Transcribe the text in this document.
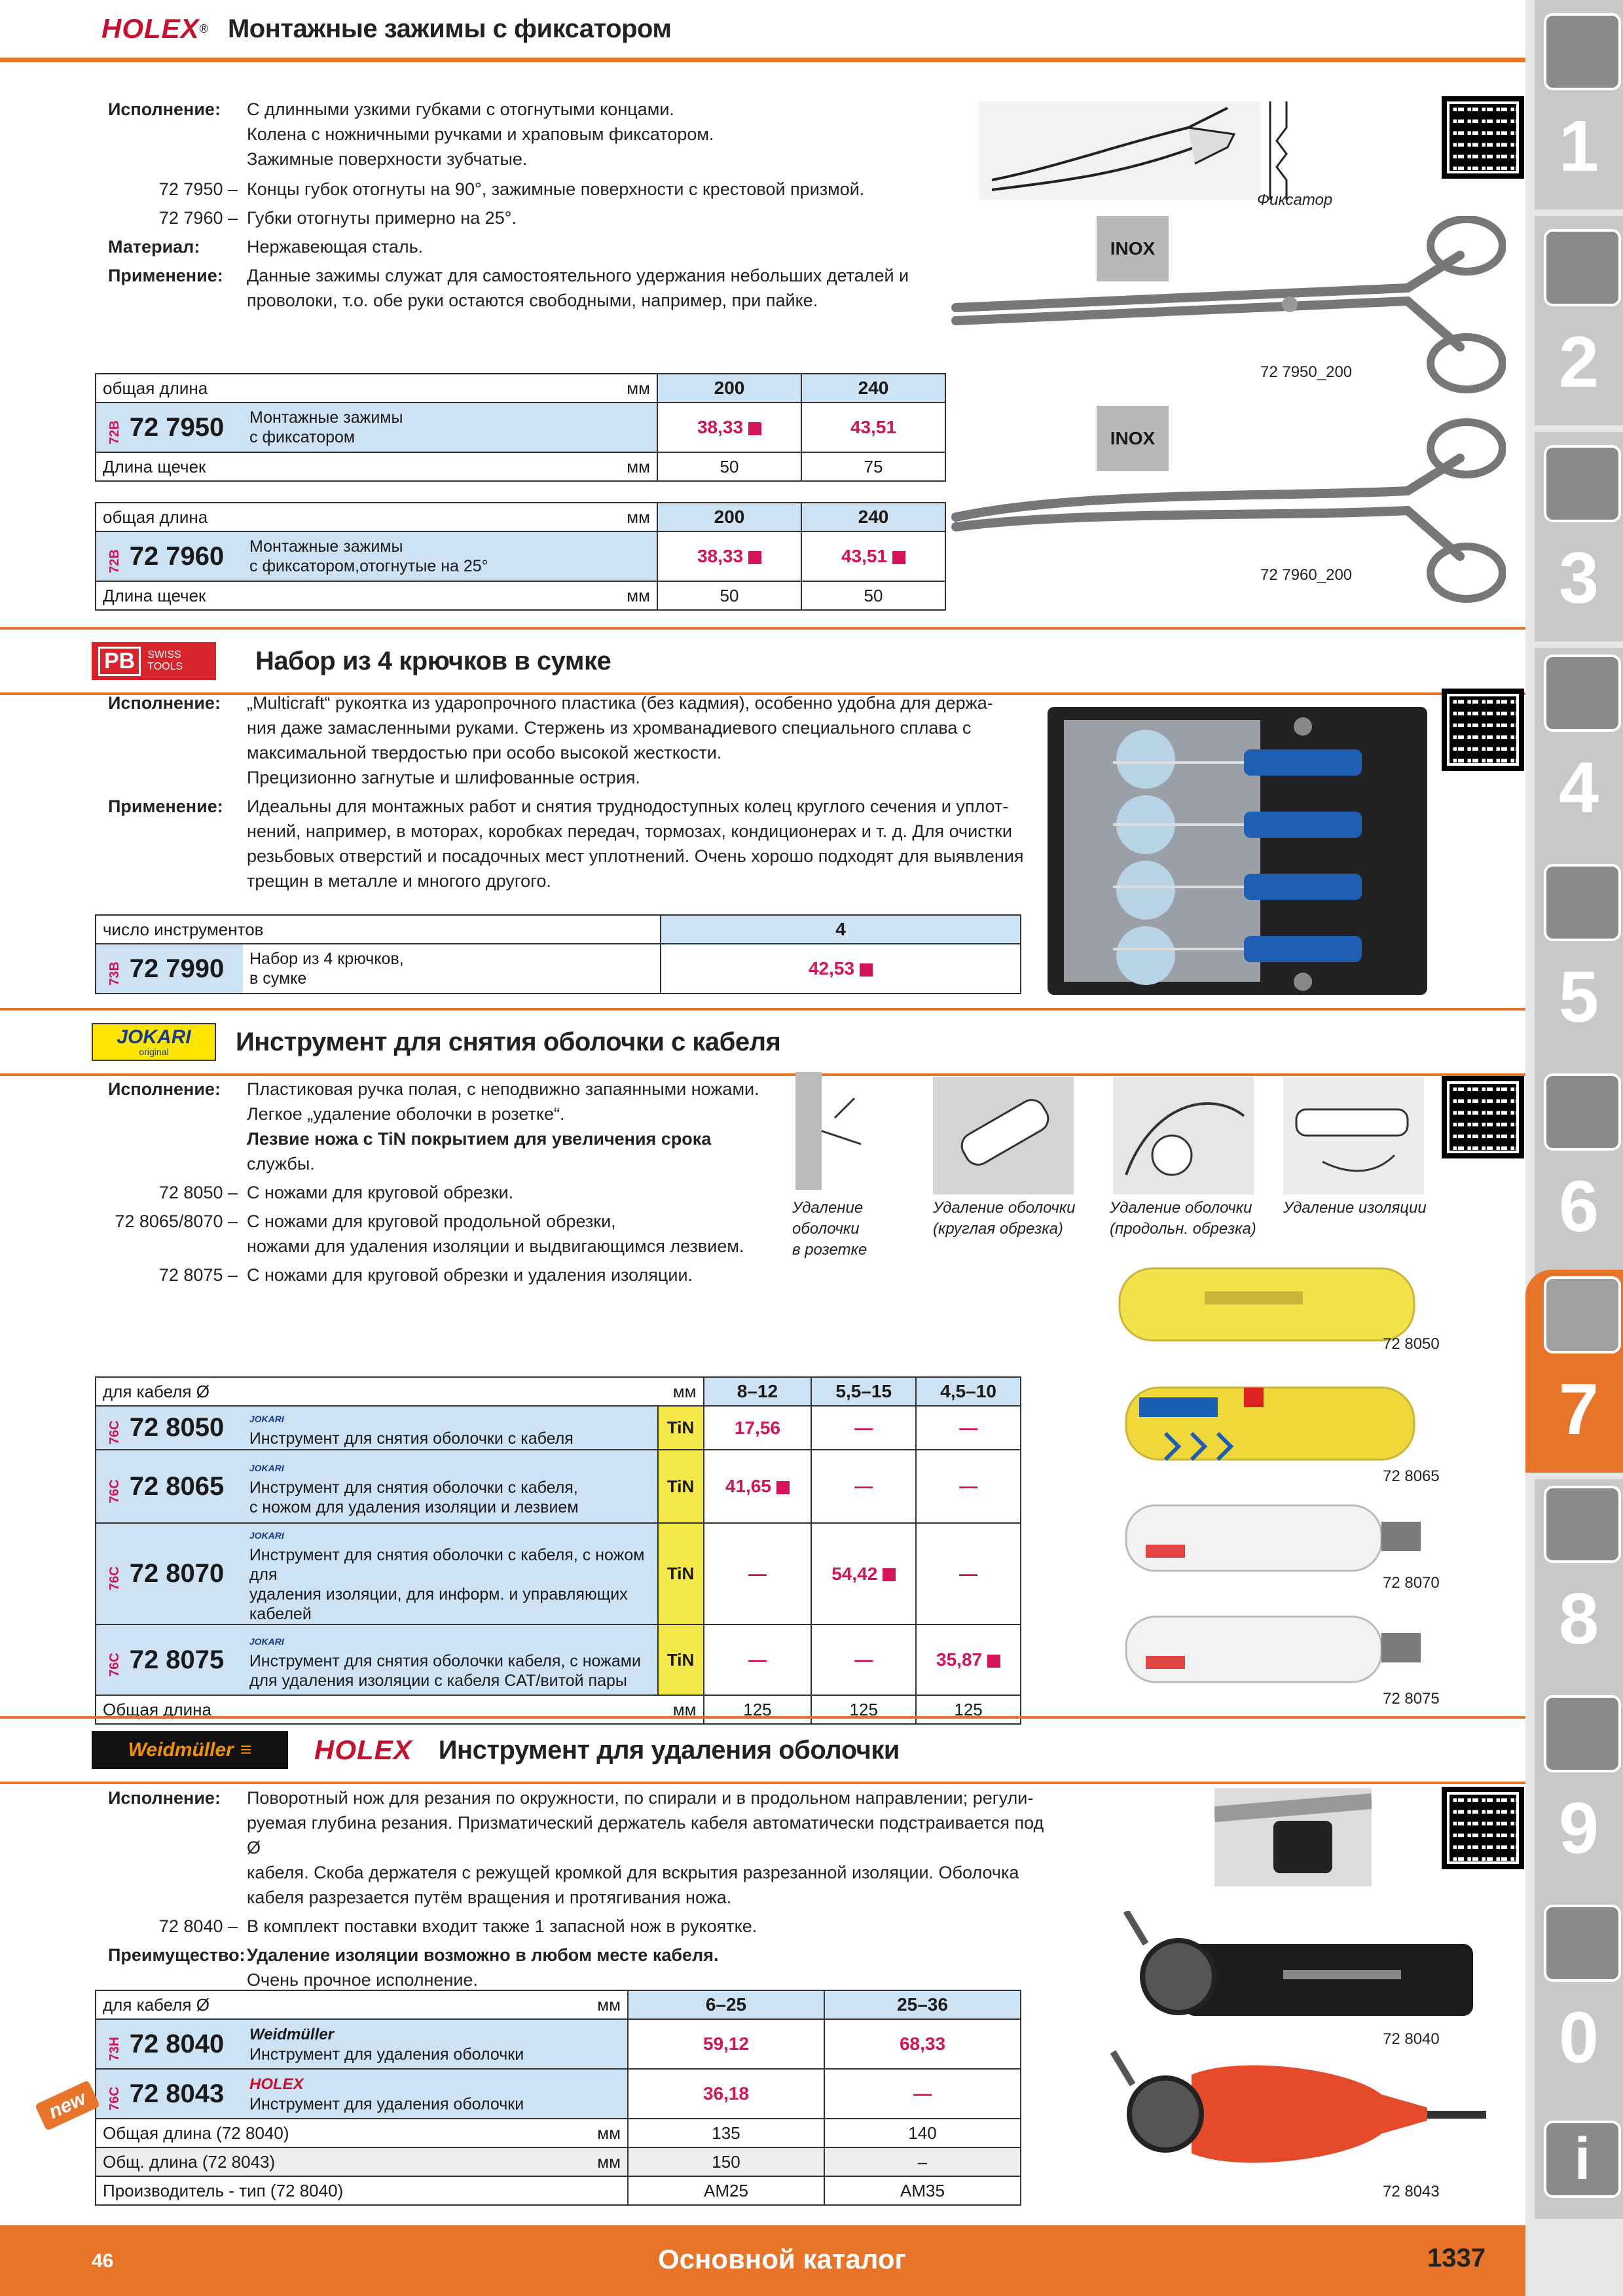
HOLEX ® Монтажные зажимы с фиксатором
Исполнение:	С длинными узкими губками с отогнутыми концами.
Колена с ножничными ручками и храповым фиксатором.
Зажимные поверхности зубчатые.
72 7950 – Концы губок отогнуты на 90°, зажимные поверхности с крестовой призмой.
72 7960 – Губки отогнуты примерно на 25°.
Материал:	Нержавеющая сталь.
Применение:	Данные зажимы служат для самостоятельного удержания небольших деталей и
проволоки, т.о. обе руки остаются свободными, например, при пайке.
Фиксатор
INOX
72 7950_200
INOX
72 7960_200
общая длина мм		200	240
72B 72 7950	Монтажные зажимы
с фиксатором	38,33	43,51
Длина щечек мм		50	75
общая длина мм		200	240
72B 72 7960	Монтажные зажимы
с фиксатором,отогнутые на 25°	38,33	43,51
Длина щечек мм		50	50
PB	SWISS TOOLS	Набор из 4 крючков в сумке
Исполнение:	„Multicraft“ рукоятка из ударопрочного пластика (без кадмия), особенно удобна для держа-
ния даже замасленными руками. Стержень из хромванадиевого специального сплава с
максимальной твердостью при особо высокой жесткости.
Прецизионно загнутые и шлифованные острия.
Применение:	Идеальны для монтажных работ и снятия труднодоступных колец круглого сечения и уплот-
нений, например, в моторах, коробках передач, тормозах, кондиционерах и т. д. Для очистки
резьбовых отверстий и посадочных мест уплотнений. Очень хорошо подходят для выявления
трещин в металле и многого другого.
число инструментов		4
73B 72 7990	Набор из 4 крючков,
в сумке	42,53
JOKARI
original	Инструмент для снятия оболочки с кабеля
Исполнение:	Пластиковая ручка полая, с неподвижно запаянными ножами.
Легкое „удаление оболочки в розетке“.
Лезвие ножа с TiN покрытием для увеличения срока
службы.
72 8050 – С ножами для круговой обрезки.
72 8065/8070 – С ножами для круговой продольной обрезки,
ножами для удаления изоляции и выдвигающимся лезвием.
72 8075 – С ножами для круговой обрезки и удаления изоляции.
Удаление
оболочки
в розетке
Удаление оболочки
(круглая обрезка)
Удаление оболочки
(продольн. обрезка)
Удаление изоляции
72 8050
72 8065
72 8070
72 8075
для кабеля Ø мм			8–12	5,5–15	4,5–10
76C 72 8050	JOKARI
Инструмент для снятия оболочки с кабеля	TiN	17,56	—	—
76C 72 8065	JOKARI
Инструмент для снятия оболочки с кабеля,
с ножом для удаления изоляции и лезвием	TiN	41,65	—	—
76C 72 8070	JOKARI
Инструмент для снятия оболочки с кабеля, с ножом для
удаления изоляции, для информ. и управляющих кабелей	TiN	—	54,42	—
76C 72 8075	JOKARI
Инструмент для снятия оболочки кабеля, с ножами
для удаления изоляции с кабеля CAT/витой пары	TiN	—	—	35,87
Общая длина мм			125	125	125
Weidmüller ≡ HOLEX Инструмент для удаления оболочки
Исполнение:	Поворотный нож для резания по окружности, по спирали и в продольном направлении; регули-
руемая глубина резания. Призматический держатель кабеля автоматически подстраивается под Ø
кабеля. Скоба держателя с режущей кромкой для вскрытия разрезанной изоляции. Оболочка
кабеля разрезается путём вращения и протягивания ножа.
72 8040 – В комплект поставки входит также 1 запасной нож в рукоятке.
Преимущество: Удаление изоляции возможно в любом месте кабеля.
Очень прочное исполнение.
72 8040
72 8043
new
для кабеля Ø мм		6–25	25–36
73H 72 8040	Weidmüller
Инструмент для удаления оболочки	59,12	68,33
76C 72 8043	HOLEX
Инструмент для удаления оболочки	36,18	—
Общая длина (72 8040) мм		135	140
Общ. длина (72 8043) мм		150	–
Производитель - тип (72 8040)		AM25	AM35
46	Основной каталог	1337
1
2
3
4
5
6
7
8
9
0
i
